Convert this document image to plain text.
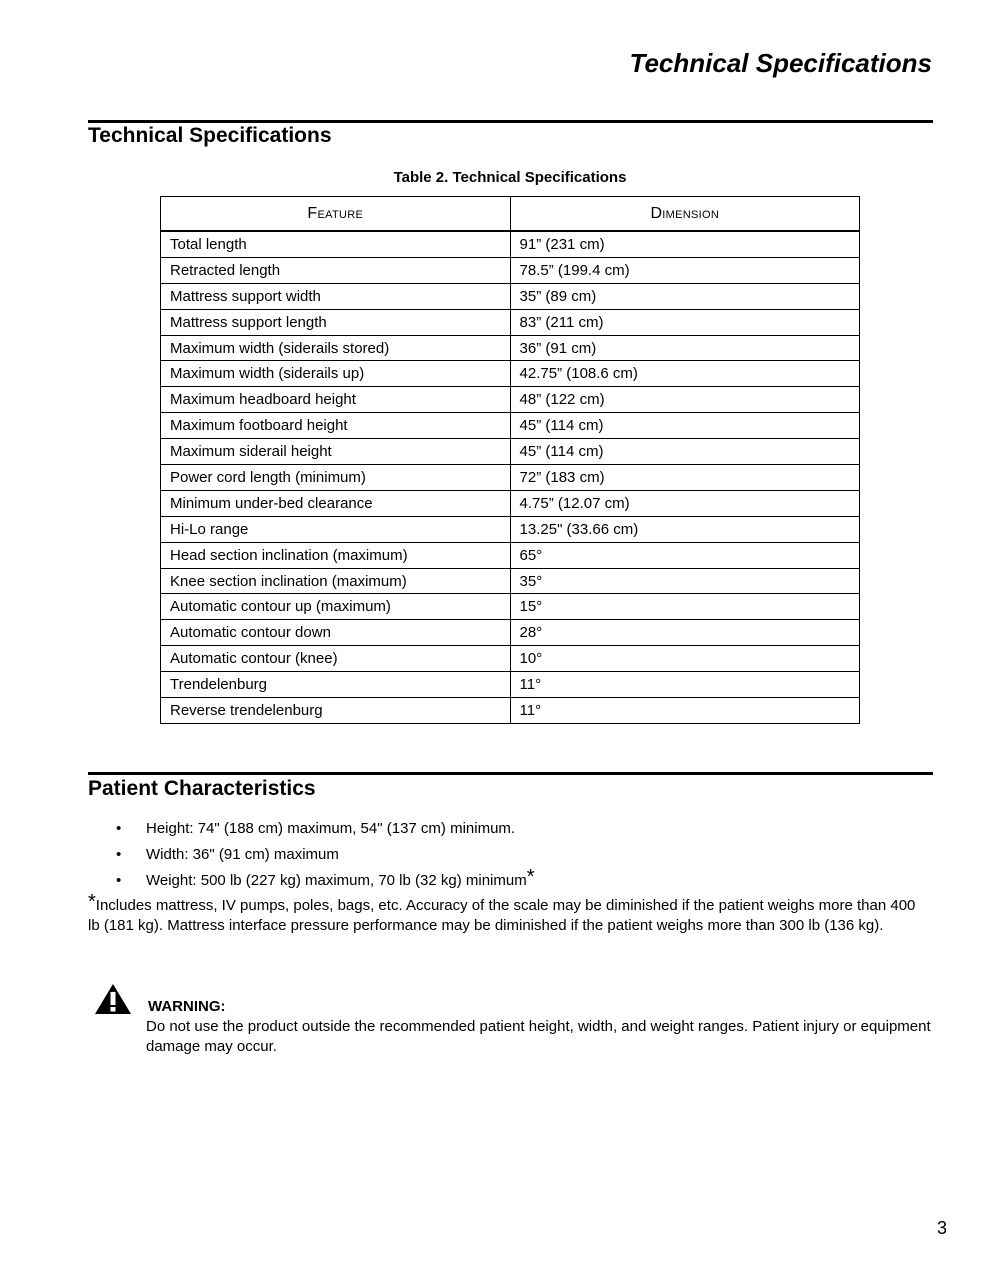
Technical Specifications
Technical Specifications
Table 2. Technical Specifications
Feature	Dimension
Total length	91” (231 cm)
Retracted length	78.5” (199.4 cm)
Mattress support width	35” (89 cm)
Mattress support length	83” (211 cm)
Maximum width (siderails stored)	36” (91 cm)
Maximum width (siderails up)	42.75” (108.6 cm)
Maximum headboard height	48” (122 cm)
Maximum footboard height	45” (114 cm)
Maximum siderail height	45” (114 cm)
Power cord length (minimum)	72” (183 cm)
Minimum under-bed clearance	4.75” (12.07 cm)
Hi-Lo range	13.25" (33.66 cm)
Head section inclination (maximum)	65°
Knee section inclination (maximum)	35°
Automatic contour up (maximum)	15°
Automatic contour down	28°
Automatic contour (knee)	10°
Trendelenburg	11°
Reverse trendelenburg	11°
Patient Characteristics
• Height: 74" (188 cm) maximum, 54" (137 cm) minimum.
• Width: 36" (91 cm) maximum
• Weight: 500 lb (227 kg) maximum, 70 lb (32 kg) minimum*
*Includes mattress, IV pumps, poles, bags, etc. Accuracy of the scale may be diminished if the patient weighs more than 400 lb (181 kg). Mattress interface pressure performance may be diminished if the patient weighs more than 300 lb (136 kg).
WARNING:
Do not use the product outside the recommended patient height, width, and weight ranges. Patient injury or equipment damage may occur.
3
